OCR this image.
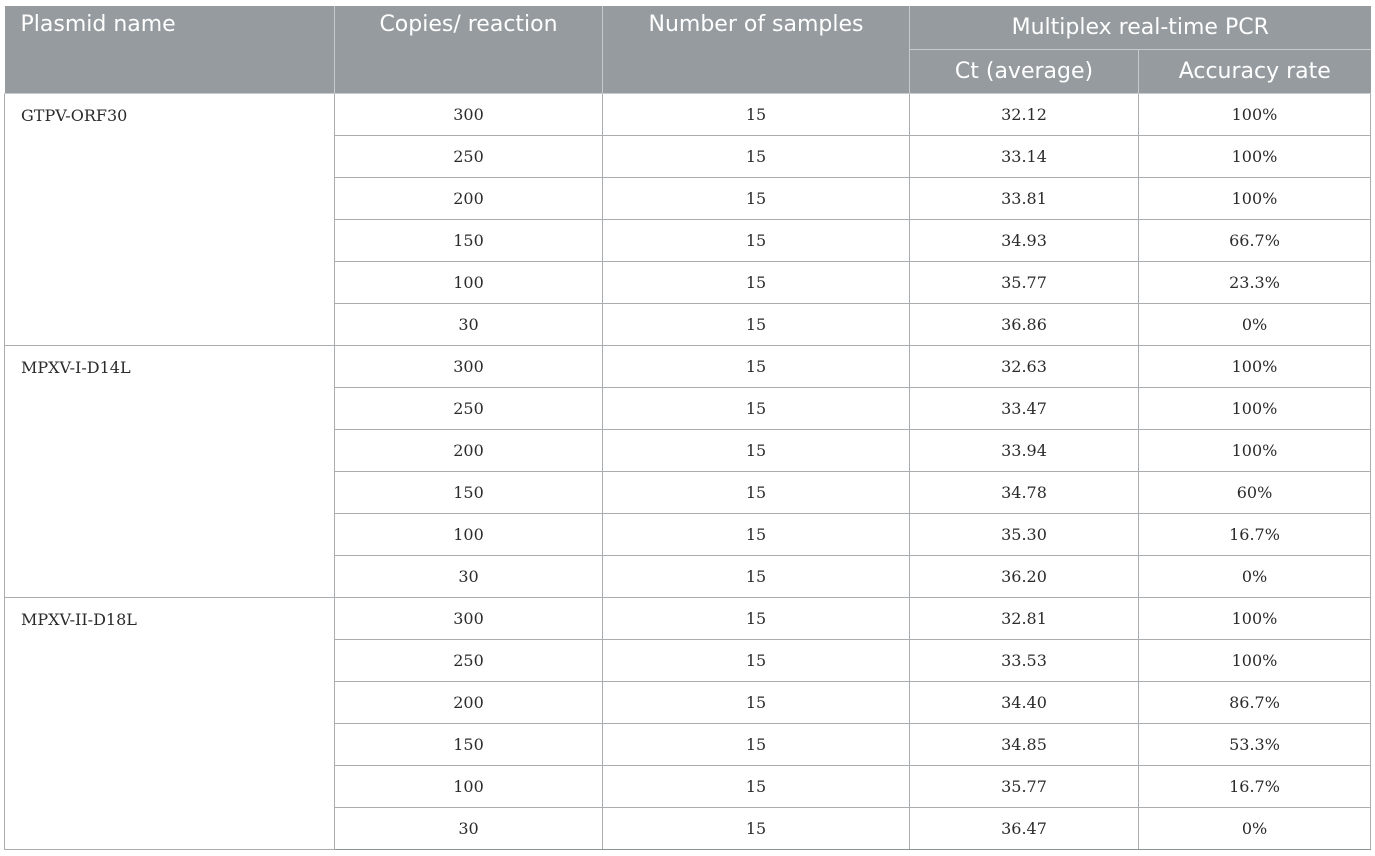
Plasmid name	Copies/ reaction	Number of samples	Multiplex real-time PCR	
			Ct (average)	Accuracy rate
GTPV-ORF30	300	15	32.12	100%
	250	15	33.14	100%
	200	15	33.81	100%
	150	15	34.93	66.7%
	100	15	35.77	23.3%
	30	15	36.86	0%
MPXV-I-D14L	300	15	32.63	100%
	250	15	33.47	100%
	200	15	33.94	100%
	150	15	34.78	60%
	100	15	35.30	16.7%
	30	15	36.20	0%
MPXV-II-D18L	300	15	32.81	100%
	250	15	33.53	100%
	200	15	34.40	86.7%
	150	15	34.85	53.3%
	100	15	35.77	16.7%
	30	15	36.47	0%
